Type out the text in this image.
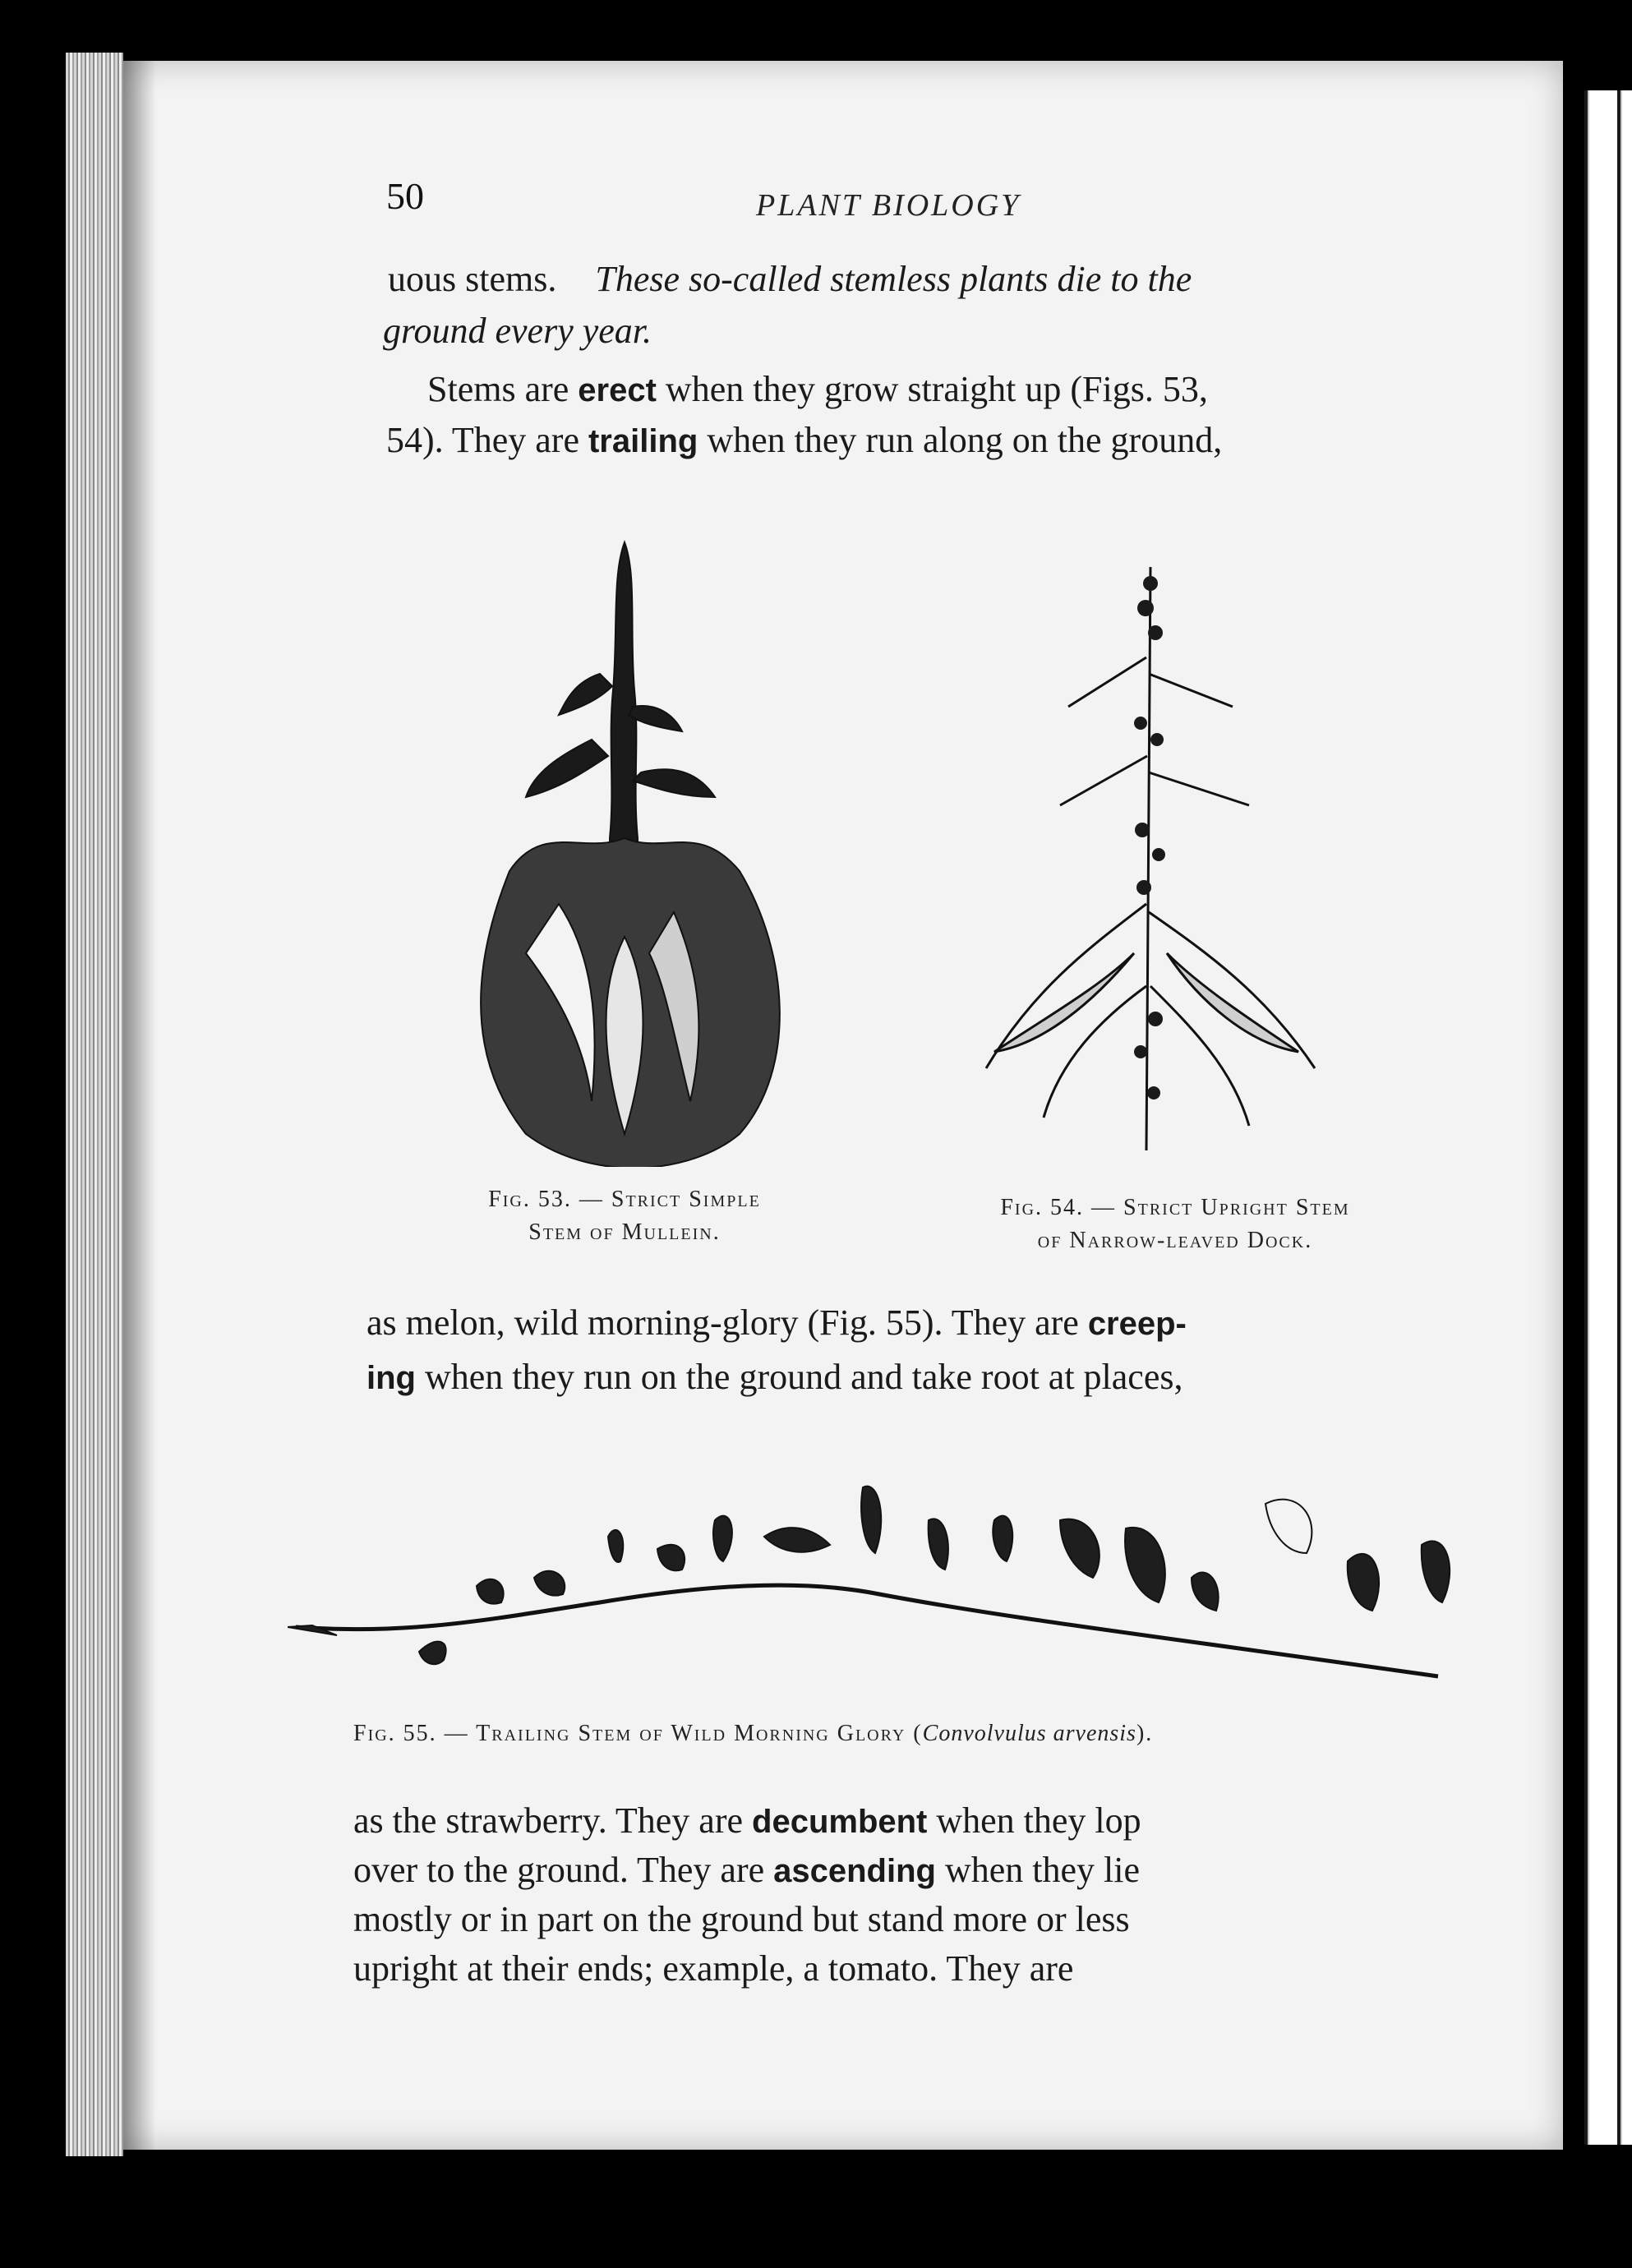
50	PLANT BIOLOGY
uous stems. These so-called stemless plants die to the
ground every year.
Stems are erect when they grow straight up (Figs. 53,
54). They are trailing when they run along on the ground,
Fig. 53. — Strict Simple
Stem of Mullein.
Fig. 54. — Strict Upright Stem
of Narrow-leaved Dock.
as melon, wild morning-glory (Fig. 55). They are creep-
ing when they run on the ground and take root at places,
Fig. 55. — Trailing Stem of Wild Morning Glory (Convolvulus arvensis).
as the strawberry. They are decumbent when they lop
over to the ground. They are ascending when they lie
mostly or in part on the ground but stand more or less
upright at their ends; example, a tomato. They are
